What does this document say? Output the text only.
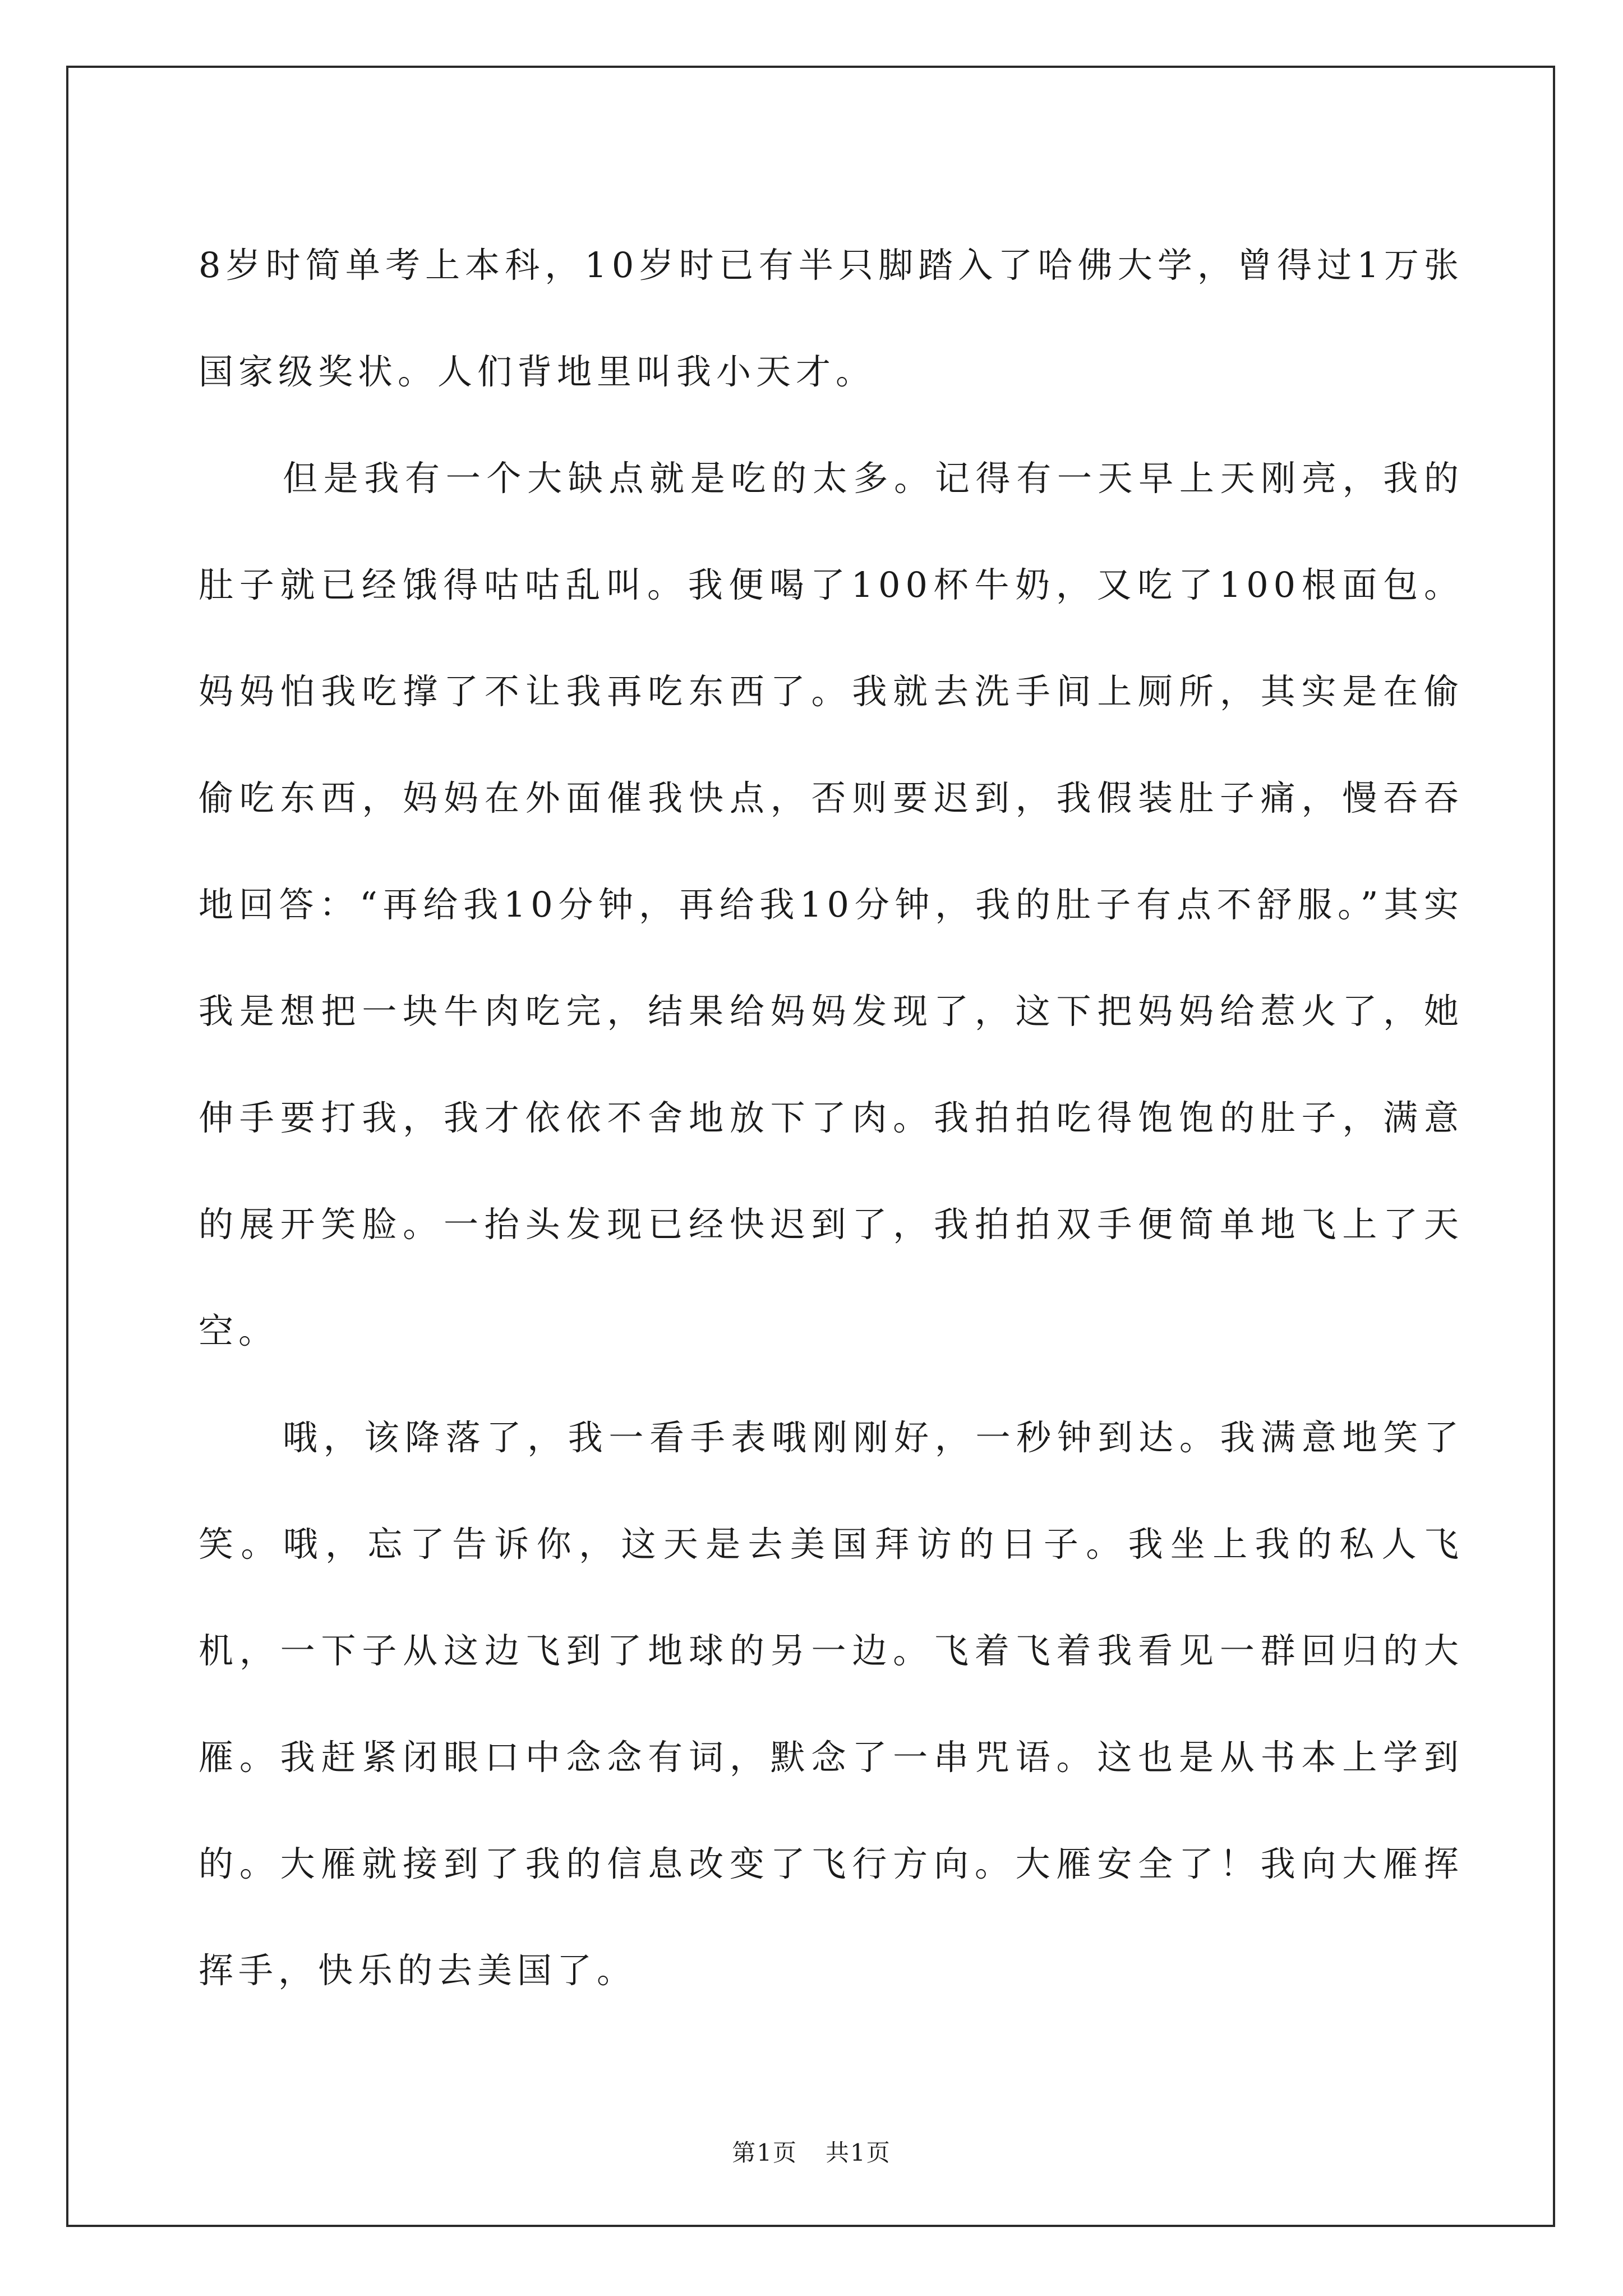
8岁时简单考上本科，10岁时已有半只脚踏入了哈佛大学，曾得过1万张国家级奖状。人们背地里叫我小天才。

但是我有一个大缺点就是吃的太多。记得有一天早上天刚亮，我的肚子就已经饿得咕咕乱叫。我便喝了100杯牛奶，又吃了100根面包。妈妈怕我吃撑了不让我再吃东西了。我就去洗手间上厕所，其实是在偷偷吃东西，妈妈在外面催我快点，否则要迟到，我假装肚子痛，慢吞吞地回答：“再给我10分钟，再给我10分钟，我的肚子有点不舒服。”其实我是想把一块牛肉吃完，结果给妈妈发现了，这下把妈妈给惹火了，她伸手要打我，我才依依不舍地放下了肉。我拍拍吃得饱饱的肚子，满意的展开笑脸。一抬头发现已经快迟到了，我拍拍双手便简单地飞上了天空。

哦，该降落了，我一看手表哦刚刚好，一秒钟到达。我满意地笑了笑。哦，忘了告诉你，这天是去美国拜访的日子。我坐上我的私人飞机，一下子从这边飞到了地球的另一边。飞着飞着我看见一群回归的大雁。我赶紧闭眼口中念念有词，默念了一串咒语。这也是从书本上学到的。大雁就接到了我的信息改变了飞行方向。大雁安全了！我向大雁挥挥手，快乐的去美国了。

第1页 共1页
